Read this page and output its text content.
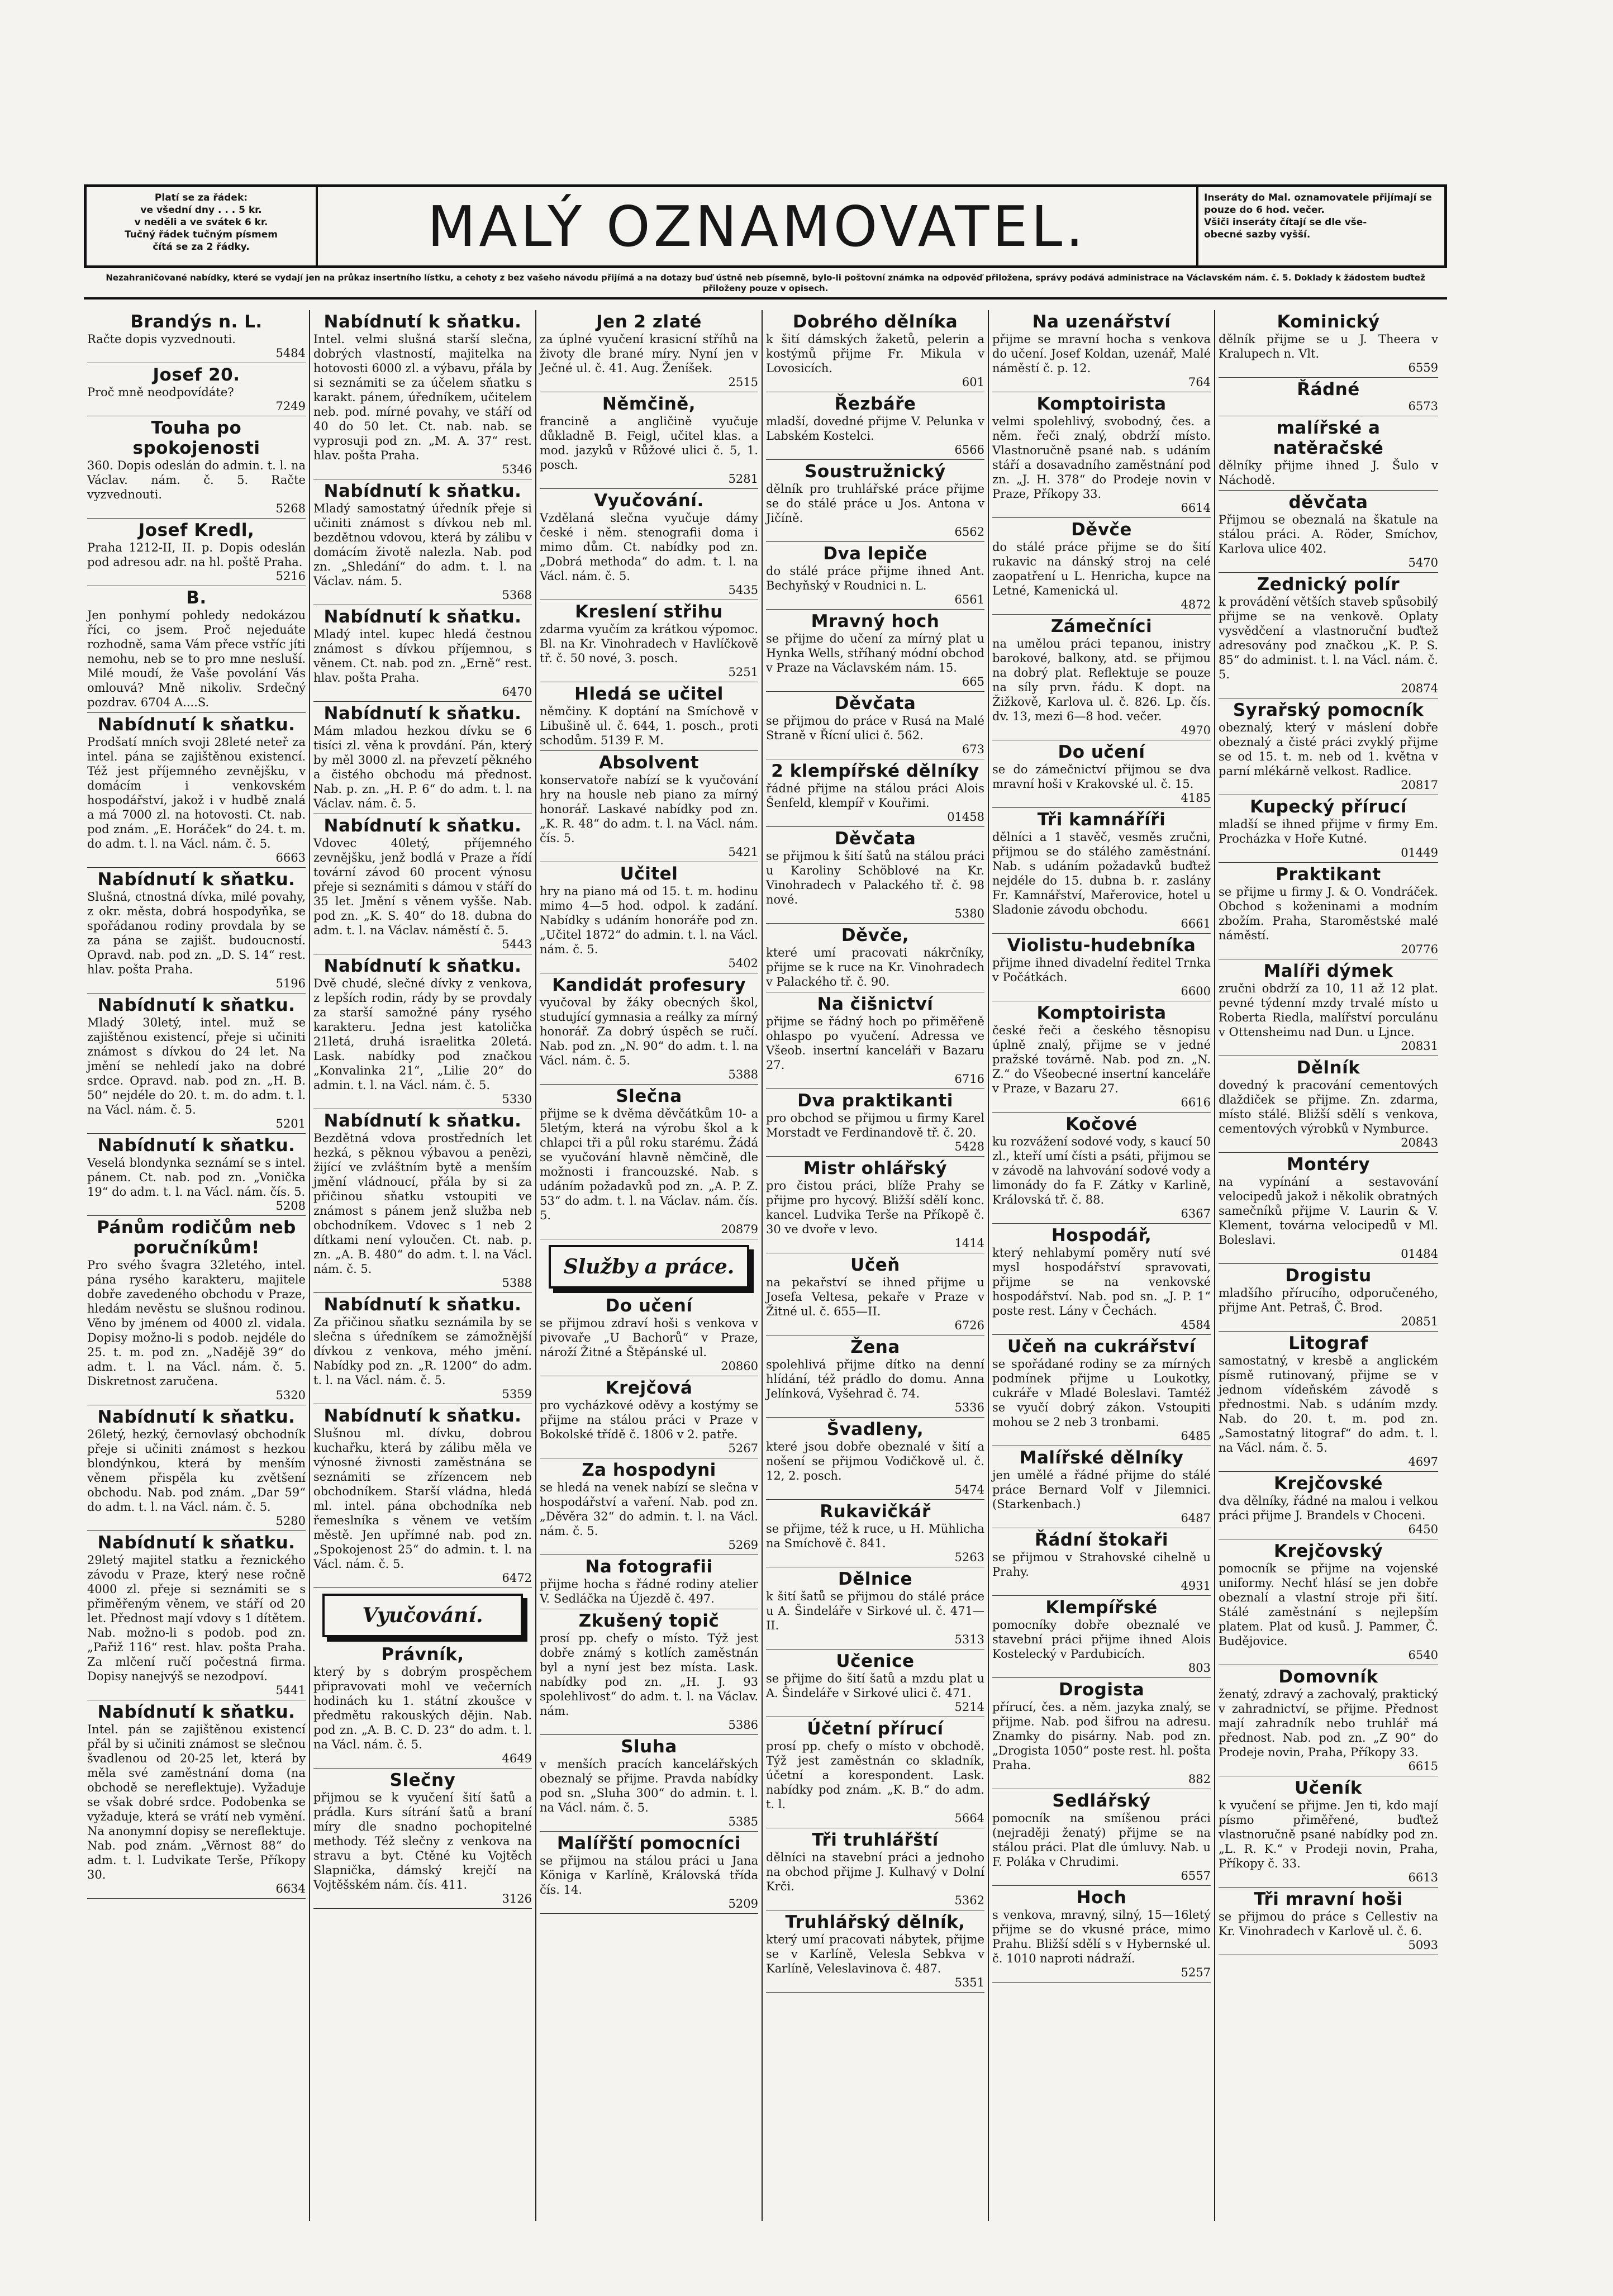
Platí se za řádek:
ve všední dny . . . 5 kr.
v neděli a ve svátek 6 kr.
Tučný řádek tučným písmem
čítá se za 2 řádky.	MALÝ OZNAMOVATEL.	Inseráty do Mal. oznamovatele přijímají se pouze do 6 hod. večer.
Všiči inseráty čítají se dle vše-
obecné sazby vyšší.
Nezahraničované nabídky, které se vydají jen na průkaz insertního lístku, a cehoty z bez vašeho návodu přijímá a na dotazy buď ústně neb písemně, bylo-li poštovní známka na odpověď přiložena, správy podává administrace na Václavském nám. č. 5. Doklady k žádostem buďtež přiloženy pouze v opisech.
Brandýs n. L.

Račte dopis vyzvednouti.

5484
Josef 20.

Proč mně neodpovídáte?

7249
Touha po spokojenosti

360. Dopis odeslán do admin. t. l. na Václav. nám. č. 5. Račte vyzvednouti.

5268
Josef Kredl,

Praha 1212-II, II. p. Dopis odeslán pod adresou adr. na hl. poště Praha.

5216
B.

Jen ponhymí pohledy nedokázou říci, co jsem. Proč nejeduáte rozhodně, sama Vám přece vstříc jíti nemohu, neb se to pro mne nesluší. Milé moudí, že Vaše povolání Vás omlouvá? Mně nikoliv. Srdečný pozdrav. 6704 A....S.

Nabídnutí k sňatku.

Prodšatí mních svoji 28leté neteř za intel. pána se zajištěnou existencí. Též jest příjemného zevnějšku, v domácím i venkovském hospodářství, jakož i v hudbě znalá a má 7000 zl. na hotovosti. Ct. nab. pod znám. „E. Horáček“ do 24. t. m. do adm. t. l. na Václ. nám. č. 5.

6663
Nabídnutí k sňatku.

Slušná, ctnostná dívka, milé povahy, z okr. města, dobrá hospodyňka, se spořádanou rodiny provdala by se za pána se zajišt. budoucností. Opravd. nab. pod zn. „D. S. 14“ rest. hlav. pošta Praha.

5196
Nabídnutí k sňatku.

Mladý 30letý, intel. muž se zajištěnou existencí, přeje si učiniti známost s dívkou do 24 let. Na jmění se nehledí jako na dobré srdce. Opravd. nab. pod zn. „H. B. 50“ nejdéle do 20. t. m. do adm. t. l. na Václ. nám. č. 5.

5201
Nabídnutí k sňatku.

Veselá blondynka seznámí se s intel. pánem. Ct. nab. pod zn. „Vonička 19“ do adm. t. l. na Václ. nám. čís. 5.

5208
Pánům rodičům neb poručníkům!

Pro svého švagra 32letého, intel. pána rysého karakteru, majitele dobře zavedeného obchodu v Praze, hledám nevěstu se slušnou rodinou. Věno by jménem od 4000 zl. vidala. Dopisy možno-li s podob. nejdéle do 25. t. m. pod zn. „Nadějě 39“ do adm. t. l. na Václ. nám. č. 5. Diskretnost zaručena.

5320
Nabídnutí k sňatku.

26letý, hezký, černovlasý obchodník přeje si učiniti známost s hezkou blondýnkou, která by menším věnem přispěla ku zvětšení obchodu. Nab. pod znám. „Dar 59“ do adm. t. l. na Václ. nám. č. 5.

5280
Nabídnutí k sňatku.

29letý majitel statku a řeznického závodu v Praze, který nese ročně 4000 zl. přeje si seznámiti se s přiměřeným věnem, ve stáří od 20 let. Přednost mají vdovy s 1 dítětem. Nab. možno-li s podob. pod zn. „Pařiž 116“ rest. hlav. pošta Praha. Za mlčení ručí počestná firma. Dopisy nanejvýš se nezodpoví.

5441
Nabídnutí k sňatku.

Intel. pán se zajištěnou existencí přál by si učiniti známost se slečnou švadlenou od 20-25 let, která by měla své zaměstnání doma (na obchodě se nereflektuje). Vyžaduje se však dobré srdce. Podobenka se vyžaduje, která se vrátí neb vymění. Na anonymní dopisy se nereflektuje. Nab. pod znám. „Věrnost 88“ do adm. t. l. Ludvikate Terše, Příkopy 30.

6634
Nabídnutí k sňatku.

Intel. velmi slušná starší slečna, dobrých vlastností, majitelka na hotovosti 6000 zl. a výbavu, přála by si seznámiti se za účelem sňatku s karakt. pánem, úředníkem, učitelem neb. pod. mírné povahy, ve stáří od 40 do 50 let. Ct. nab. nab. se vyprosuji pod zn. „M. A. 37“ rest. hlav. pošta Praha.

5346
Nabídnutí k sňatku.

Mladý samostatný úředník přeje si učiniti známost s dívkou neb ml. bezdětnou vdovou, která by zálibu v domácím životě nalezla. Nab. pod zn. „Shledání“ do adm. t. l. na Václav. nám. 5.

5368
Nabídnutí k sňatku.

Mladý intel. kupec hledá čestnou známost s dívkou příjemnou, s věnem. Ct. nab. pod zn. „Erně“ rest. hlav. pošta Praha.

6470
Nabídnutí k sňatku.

Mám mladou hezkou dívku se 6 tisíci zl. věna k provdání. Pán, který by měl 3000 zl. na převzetí pěkného a čistého obchodu má přednost. Nab. p. zn. „H. P. 6“ do adm. t. l. na Václav. nám. č. 5.

Nabídnutí k sňatku.

Vdovec 40letý, příjemného zevnějšku, jenž bodlá v Praze a řídí tovární závod 60 procent výnosu přeje si seznámiti s dámou v stáří do 35 let. Jmění s věnem vyšše. Nab. pod zn. „K. S. 40“ do 18. dubna do adm. t. l. na Václav. náměstí č. 5.

5443
Nabídnutí k sňatku.

Dvě chudé, slečné dívky z venkova, z lepších rodin, rády by se provdaly za starší samožné pány rysého karakteru. Jedna jest katolička 21letá, druhá israelitka 20letá. Lask. nabídky pod značkou „Konvalinka 21“, „Lilie 20“ do admin. t. l. na Václ. nám. č. 5.

5330
Nabídnutí k sňatku.

Bezdětná vdova prostředních let hezká, s pěknou výbavou a penězi, žijící ve zvláštním bytě a menším jmění vládnoucí, přála by si za přičinou sňatku vstoupiti ve známost s pánem jenž služba neb obchodníkem. Vdovec s 1 neb 2 dítkami není vyloučen. Ct. nab. p. zn. „A. B. 480“ do adm. t. l. na Václ. nám. č. 5.

5388
Nabídnutí k sňatku.

Za přičinou sňatku seznámila by se slečna s úředníkem se zámožnější dívkou z venkova, mého jmění. Nabídky pod zn. „R. 1200“ do adm. t. l. na Václ. nám. č. 5.

5359
Nabídnutí k sňatku.

Slušnou ml. dívku, dobrou kuchařku, která by zálibu měla ve výnosné živnosti zaměstnána se seznámiti se zřízencem neb obchodníkem. Starší vládna, hledá ml. intel. pána obchodníka neb řemeslníka s věnem ve vetším městě. Jen upřímné nab. pod zn. „Spokojenost 25“ do admin. t. l. na Václ. nám. č. 5.

6472
Vyučování.
Právník,

který by s dobrým prospěchem připravovati mohl ve večerních hodinách ku 1. státní zkoušce v předmětu rakouských dějin. Nab. pod zn. „A. B. C. D. 23“ do adm. t. l. na Václ. nám. č. 5.

4649
Slečny

přijmou se k vyučení šití šatů a prádla. Kurs sítrání šatů a braní míry dle snadno pochopitelné methody. Též slečny z venkova na stravu a byt. Ctěné ku Vojtěch Slapnička, dámský krejčí na Vojtěšském nám. čís. 411.

3126
Jen 2 zlaté

za úplné vyučení krasicní stříhů na životy dle brané míry. Nyní jen v Ječné ul. č. 41. Aug. Ženíšek.

2515
Němčině,

francině a angličině vyučuje důkladně B. Feigl, učitel klas. a mod. jazyků v Růžové ulici č. 5, 1. posch.

5281
Vyučování.

Vzdělaná slečna vyučuje dámy české i něm. stenografii doma i mimo dům. Ct. nabídky pod zn. „Dobrá methoda“ do adm. t. l. na Václ. nám. č. 5.

5435
Kreslení střihu

zdarma vyučím za krátkou výpomoc. Bl. na Kr. Vinohradech v Havlíčkově tř. č. 50 nové, 3. posch.

5251
Hledá se učitel

němčiny. K doptání na Smíchově v Libušině ul. č. 644, 1. posch., proti schodům. 5139 F. M.

Absolvent

konservatoře nabízí se k vyučování hry na housle neb piano za mírný honorář. Laskavé nabídky pod zn. „K. R. 48“ do adm. t. l. na Václ. nám. čís. 5.

5421
Učitel

hry na piano má od 15. t. m. hodinu mimo 4—5 hod. odpol. k zadání. Nabídky s udáním honoráře pod zn. „Učitel 1872“ do admin. t. l. na Václ. nám. č. 5.

5402
Kandidát profesury

vyučoval by žáky obecných škol, studující gymnasia a reálky za mírný honorář. Za dobrý úspěch se ručí. Nab. pod zn. „N. 90“ do adm. t. l. na Václ. nám. č. 5.

5388
Slečna

přijme se k dvěma děvčátkům 10- a 5letým, která na výrobu škol a k chlapci tři a půl roku starému. Žádá se vyučování hlavně němčině, dle možnosti i francouzské. Nab. s udáním požadavků pod zn. „A. P. Z. 53“ do adm. t. l. na Václav. nám. čís. 5.

20879
Služby a práce.
Do učení

se přijmou zdraví hoši s venkova v pivovaře „U Bachorů“ v Praze, nároží Žitné a Štěpánské ul.

20860
Krejčová

pro vycházkové oděvy a kostýmy se přijme na stálou práci v Praze v Bokolské třídě č. 1806 v 2. patře.

5267
Za hospodyni

se hledá na venek nabízí se slečna v hospodářství a vaření. Nab. pod zn. „Děvěra 32“ do admin. t. l. na Václ. nám. č. 5.

5269
Na fotografii

přijme hocha s řádné rodiny atelier V. Sedláčka na Újezdě č. 497.

Zkušený topič

prosí pp. chefy o místo. Týž jest dobře známý s kotlích zaměstnán byl a nyní jest bez místa. Lask. nabídky pod zn. „H. J. 93 spolehlivost“ do adm. t. l. na Václav. nám.

5386
Sluha

v menších pracích kancelářských obeznalý se přijme. Pravda nabídky pod sn. „Sluha 300“ do admin. t. l. na Václ. nám. č. 5.

5385
Malířští pomocníci

se přijmou na stálou práci u Jana Königa v Karlíně, Královská třída čís. 14.

5209
Dobrého dělníka

k šití dámských žaketů, pelerin a kostýmů přijme Fr. Mikula v Lovosicích.

601
Řezbáře

mladší, dovedné přijme V. Pelunka v Labském Kostelci.

6566
Soustružnický

dělník pro truhlářské práce přijme se do stálé práce u Jos. Antona v Jičíně.

6562
Dva lepiče

do stálé práce přijme ihned Ant. Bechyňský v Roudnici n. L.

6561
Mravný hoch

se přijme do učení za mírný plat u Hynka Wells, stříhaný módní obchod v Praze na Václavském nám. 15.

665
Děvčata

se přijmou do práce v Rusá na Malé Straně v Řícní ulici č. 562.

673
2 klempířské dělníky

řádné přijme na stálou práci Alois Šenfeld, klempíř v Kouřimi.

01458
Děvčata

se přijmou k šití šatů na stálou práci u Karoliny Schöblové na Kr. Vinohradech v Palackého tř. č. 98 nové.

5380
Děvče,

které umí pracovati nákrčníky, přijme se k ruce na Kr. Vinohradech v Palackého tř. č. 90.

Na čišnictví

přijme se řádný hoch po přiměřeně ohlaspo po vyučení. Adressa ve Všeob. insertní kanceláři v Bazaru 27.

6716
Dva praktikanti

pro obchod se přijmou u firmy Karel Morstadt ve Ferdinandově tř. č. 20.

5428
Mistr ohlářský

pro čistou práci, blíže Prahy se přijme pro hycový. Bližší sdělí konc. kancel. Ludvika Terše na Příkopě č. 30 ve dvoře v levo.

1414
Učeň

na pekařství se ihned přijme u Josefa Veltesa, pekaře v Praze v Žitné ul. č. 655—II.

6726
Žena

spolehlivá přijme dítko na denní hlídání, též prádlo do domu. Anna Jelínková, Vyšehrad č. 74.

5336
Švadleny,

které jsou dobře obeznalé v šití a nošení se přijmou Vodičkově ul. č. 12, 2. posch.

5474
Rukavičkář

se přijme, též k ruce, u H. Mühlicha na Smíchově č. 841.

5263
Dělnice

k šití šatů se přijmou do stálé práce u A. Šindeláře v Sirkové ul. č. 471—II.

5313
Učenice

se přijme do šití šatů a mzdu plat u A. Šindeláře v Sirkové ulici č. 471.

5214
Účetní přírucí

prosí pp. chefy o místo v obchodě. Týž jest zaměstnán co skladník, účetní a korespondent. Lask. nabídky pod znám. „K. B.“ do adm. t. l.

5664
Tři truhlářští

dělníci na stavební práci a jednoho na obchod přijme J. Kulhavý v Dolní Krči.

5362
Truhlářský dělník,

který umí pracovati nábytek, přijme se v Karlíně, Velesla Sebkva v Karlíně, Veleslavinova č. 487.

5351
Na uzenářství

přijme se mravní hocha s venkova do učení. Josef Koldan, uzenář, Malé náměstí č. p. 12.

764
Komptoirista

velmi spolehlivý, svobodný, čes. a něm. řeči znalý, obdrží místo. Vlastnoručně psané nab. s udáním stáří a dosavadního zaměstnání pod zn. „J. H. 378“ do Prodeje novin v Praze, Příkopy 33.

6614
Děvče

do stálé práce přijme se do šití rukavic na dánský stroj na celé zaopatření u L. Henricha, kupce na Letné, Kamenická ul.

4872
Zámečníci

na umělou práci tepanou, inistry barokové, balkony, atd. se přijmou na dobrý plat. Reflektuje se pouze na síly prvn. řádu. K dopt. na Žižkově, Karlova ul. č. 826. Lp. čís. dv. 13, mezi 6—8 hod. večer.

4970
Do učení

se do zámečnictví přijmou se dva mravní hoši v Krakovské ul. č. 15.

4185
Tři kamnáříři

dělníci a 1 stavěč, vesměs zručni, přijmou se do stálého zaměstnání. Nab. s udáním požadavků buďtež nejdéle do 15. dubna b. r. zaslány Fr. Kamnářství, Mařerovice, hotel u Sladonie závodu obchodu.

6661
Violistu-hudebníka

přijme ihned divadelní ředitel Trnka v Počátkách.

6600
Komptoirista

české řeči a českého těsnopisu úplně znalý, přijme se v jedné pražské továrně. Nab. pod zn. „N. Z.“ do Všeobecné insertní kanceláře v Praze, v Bazaru 27.

6616
Kočové

ku rozvážení sodové vody, s kaucí 50 zl., kteří umí čísti a psáti, přijmou se v závodě na lahvování sodové vody a limonády do fa F. Zátky v Karlině, Královská tř. č. 88.

6367
Hospodář,

který nehlabymí poměry nutí své mysl hospodářství spravovati, přijme se na venkovské hospodářství. Nab. pod sn. „J. P. 1“ poste rest. Lány v Čechách.

4584
Učeň na cukrářství

se spořádané rodiny se za mírných podmínek přijme u Loukotky, cukráře v Mladé Boleslavi. Tamtéž se vyučí dobrý zákon. Vstoupiti mohou se 2 neb 3 tronbami.

6485
Malířské dělníky

jen umělé a řádné přijme do stálé práce Bernard Volf v Jilemnici. (Starkenbach.)

6487
Řádní štokaři

se přijmou v Strahovské cihelně u Prahy.

4931
Klempířské

pomocníky dobře obeznalé ve stavební práci přijme ihned Alois Kostelecký v Pardubicích.

803
Drogista

přírucí, čes. a něm. jazyka znalý, se přijme. Nab. pod šifrou na adresu. Znamky do pisárny. Nab. pod zn. „Drogista 1050“ poste rest. hl. pošta Praha.

882
Sedlářský

pomocník na smíšenou práci (nejraději ženatý) přijme se na stálou práci. Plat dle úmluvy. Nab. u F. Poláka v Chrudimi.

6557
Hoch

s venkova, mravný, silný, 15—16letý přijme se do vkusné práce, mimo Prahu. Bližší sdělí s v Hybernské ul. č. 1010 naproti nádraží.

5257
Kominický

dělník přijme se u J. Theera v Kralupech n. Vlt.

6559
Řádné

6573
malířské a natěračské

dělníky přijme ihned J. Šulo v Náchodě.

děvčata

Přijmou se obeznalá na škatule na stálou práci. A. Röder, Smíchov, Karlova ulice 402.

5470
Zednický polír

k provádění větších staveb spůsobilý přijme se na venkově. Oplaty vysvědčení a vlastnoruční buďtež adresovány pod značkou „K. P. S. 85“ do administ. t. l. na Václ. nám. č. 5.

20874
Syrařský pomocník

obeznalý, který v máslení dobře obeznalý a čisté práci zvyklý přijme se od 15. t. m. neb od 1. května v parní mlékárně velkost. Radlice.

20817
Kupecký přírucí

mladší se ihned přijme v firmy Em. Procházka v Hoře Kutné.

01449
Praktikant

se přijme u firmy J. & O. Vondráček. Obchod s koženinami a modním zbožím. Praha, Staroměstské malé náměstí.

20776
Malíři dýmek

zručni obdrží za 10, 11 až 12 plat. pevné týdenní mzdy trvalé místo u Roberta Riedla, malířství porculánu v Ottensheimu nad Dun. u Ljnce.

20831
Dělník

dovedný k pracování cementových dlaždiček se přijme. Zn. zdarma, místo stálé. Bližší sdělí s venkova, cementových výrobků v Nymburce.

20843
Montéry

na vypínání a sestavování velocipedů jakož i několik obratných samečníků přijme V. Laurin & V. Klement, továrna velocipedů v Ml. Boleslavi.

01484
Drogistu

mladšího přírucího, odporučeného, přijme Ant. Petraš, Č. Brod.

20851
Litograf

samostatný, v kresbě a anglickém písmě rutinovaný, přijme se v jednom vídeňském závodě s přednostmi. Nab. s udáním mzdy. Nab. do 20. t. m. pod zn. „Samostatný litograf“ do adm. t. l. na Václ. nám. č. 5.

4697
Krejčovské

dva dělníky, řádné na malou i velkou práci přijme J. Brandels v Choceni.

6450
Krejčovský

pomocník se přijme na vojenské uniformy. Nechť hlásí se jen dobře obeznalí a vlastní stroje při šití. Stálé zaměstnání s nejlepším platem. Plat od kusů. J. Pammer, Č. Budějovice.

6540
Domovník

ženatý, zdravý a zachovalý, praktický v zahradnictví, se přijme. Přednost mají zahradník nebo truhlář má přednost. Nab. pod zn. „Z 90“ do Prodeje novin, Praha, Příkopy 33.

6615
Učeník

k vyučení se přijme. Jen ti, kdo mají písmo přiměřené, buďtež vlastnoručně psané nabídky pod zn. „L. R. K.“ v Prodeji novin, Praha, Příkopy č. 33.

6613
Tři mravní hoši

se přijmou do práce s Cellestiv na Kr. Vinohradech v Karlově ul. č. 6.

5093
